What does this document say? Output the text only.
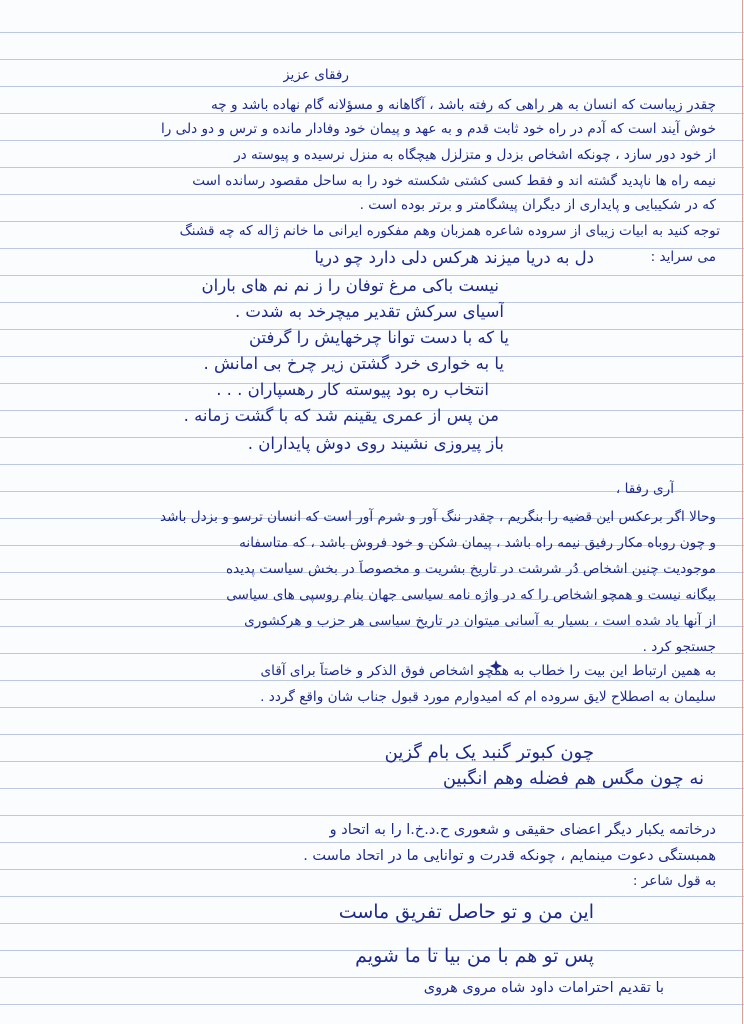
رفقای عزیز
چقدر زیباست که انسان به هر راهی که رفته باشد ، آگاهانه و مسؤلانه گام نهاده باشد و چه
خوش آیند است که آدم در راه خود ثابت قدم و به عهد و پیمان خود وفادار مانده و ترس و دو دلی را
از خود دور سازد ، چونکه اشخاص بزدل و متزلزل هیچگاه به منزل نرسیده و پیوسته در
نیمه راه ها ناپدید گشته اند و فقط کسی کشتی شکسته خود را به ساحل مقصود رسانده است
که در شکیبایی و پایداری از دیگران پیشگامتر و برتر بوده است .
توجه کنید به ابیات زیبای از سروده شاعره همزبان وهم مفکوره ایرانی ما خانم ژاله که چه قشنگ
می سراید :
دل به دریا میزند هرکس دلی دارد چو دریا
نیست باکی مرغ توفان را ز نم نم های باران
آسیای سرکش تقدیر میچرخد به شدت .
یا که با دست توانا چرخهایش را گرفتن
یا به خواری خرد گشتن زیر چرخ بی امانش .
انتخاب ره بود پیوسته کار رهسپاران . . .
من پس از عمری یقینم شد که با گشت زمانه .
باز پیروزی نشیند روی دوش پایداران .
آری رفقا ،
وحالا اگر برعکس این قضیه را بنگریم ، چقدر ننگ آور و شرم آور است که انسان ترسو و بزدل باشد
و چون روباه مکار رفیق نیمه راه باشد ، پیمان شکن و خود فروش باشد ، که متاسفانه
موجودیت چنین اشخاص دُر شرشت در تاریخ بشریت و مخصوصاً در بخش سیاست پدیده
بیگانه نیست و همچو اشخاص را که در واژه نامه سیاسی جهان بنام روسپی های سیاسی
از آنها یاد شده است ، بسیار به آسانی میتوان در تاریخ سیاسی هر حزب و هرکشوری
جستجو کرد .
به همین ارتباط این بیت را خطاب به همچو اشخاص فوق الذکر و خاصتاً برای آقای
سلیمان به اصطلاح لایق سروده ام که امیدوارم مورد قبول جناب شان واقع گردد .
چون کبوتر گنبد یک بام گزین
نه چون مگس هم فضله وهم انگبین
درخاتمه یکبار دیگر اعضای حقیقی و شعوری ح.د.خ.ا را به اتحاد و
همبستگی دعوت مینمایم ، چونکه قدرت و توانایی ما در اتحاد ماست .
به قول شاعر :
این من و تو حاصل تفریق ماست
پس تو هم با من بیا تا ما شویم
با تقدیم احترامات داود شاه مروی هروی
